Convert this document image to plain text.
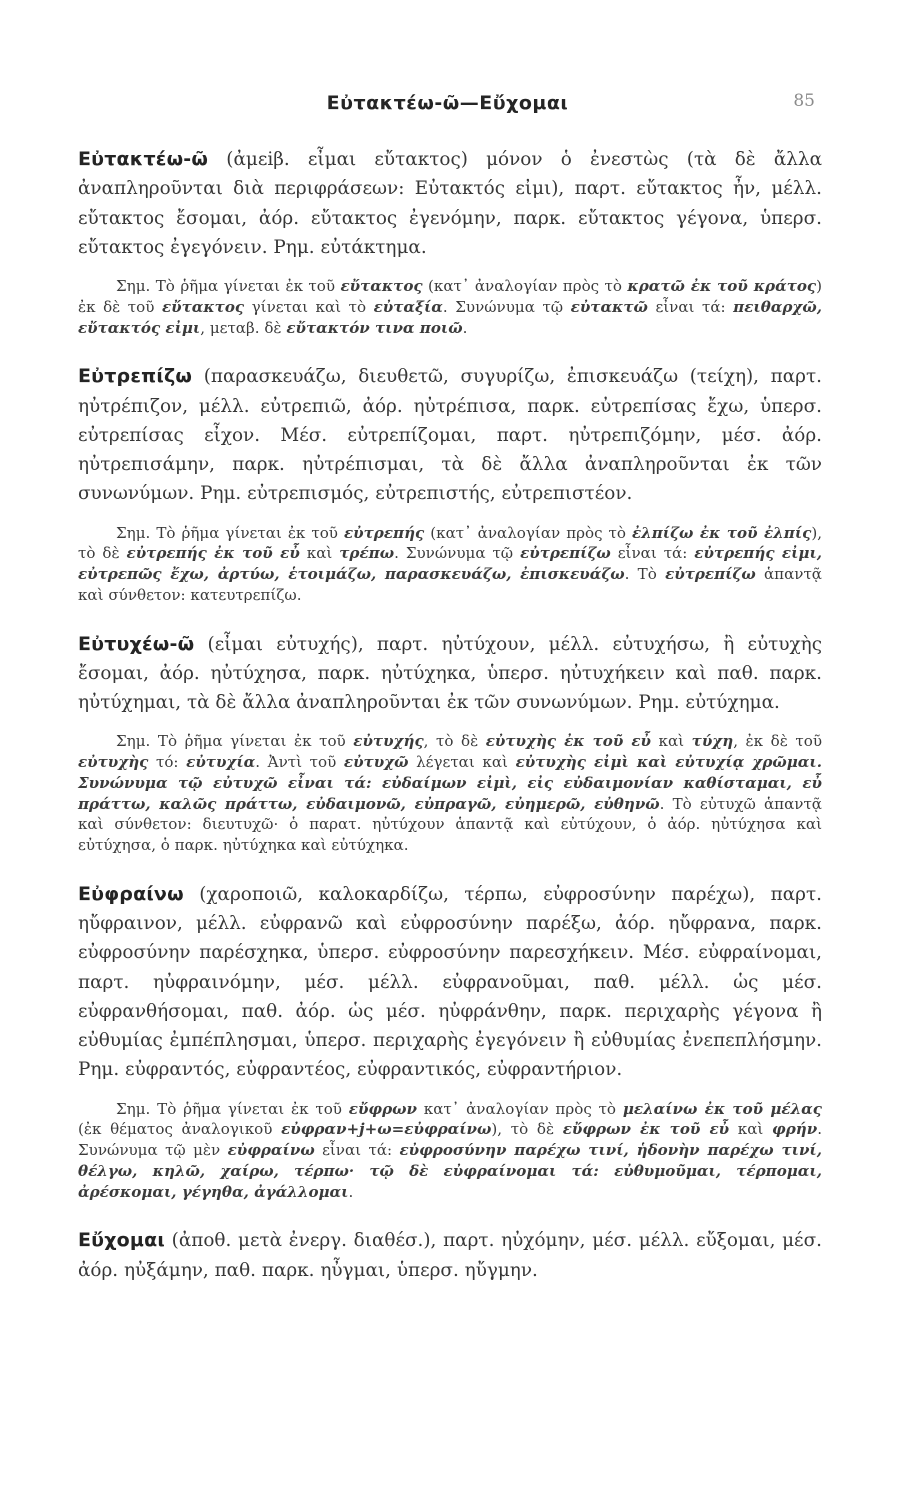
Εὐτακτέω-ῶ—Εὔχομαι	85

Εὐτακτέω-ῶ (ἀμεiβ. εἶμαι εὔτακτος) μόνον ὁ ἐνεστὼς (τὰ δὲ ἄλλα ἀναπληροῦνται διὰ περιφράσεων: Εὐτακτός εἰμι), παρτ. εὔτακτος ἦν, μέλλ. εὔτακτος ἔσομαι, ἀόρ. εὔτακτος ἐγενόμην, παρκ. εὔτακτος γέγονα, ὑπερσ. εὔτακτος ἐγεγόνειν. Ρημ. εὐτάκτημα.

Σημ. Τὸ ῥῆμα γίνεται ἐκ τοῦ εὔτακτος (κατ᾿ ἀναλογίαν πρὸς τὸ κρατῶ ἐκ τοῦ κράτος) ἐκ δὲ τοῦ εὔτακτος γίνεται καὶ τὸ εὐταξία. Συνώνυμα τῷ εὐτακτῶ εἶναι τά: πειθαρχῶ, εὔτακτός εἰμι, μεταβ. δὲ εὔτακτόν τινα ποιῶ.

Εὐτρεπίζω (παρασκευάζω, διευθετῶ, συγυρίζω, ἐπισκευάζω (τείχη), παρτ. ηὐτρέπιζον, μέλλ. εὐτρεπιῶ, ἀόρ. ηὐτρέπισα, παρκ. εὐτρεπίσας ἔχω, ὑπερσ. εὐτρεπίσας εἶχον. Μέσ. εὐτρεπίζομαι, παρτ. ηὐτρεπιζόμην, μέσ. ἀόρ. ηὐτρεπισάμην, παρκ. ηὐτρέπισμαι, τὰ δὲ ἄλλα ἀναπληροῦνται ἐκ τῶν συνωνύμων. Ρημ. εὐτρεπισμός, εὐτρεπιστής, εὐτρεπιστέον.

Σημ. Τὸ ῥῆμα γίνεται ἐκ τοῦ εὐτρεπής (κατ᾿ ἀναλογίαν πρὸς τὸ ἐλπίζω ἐκ τοῦ ἐλπίς), τὸ δὲ εὐτρεπής ἐκ τοῦ εὖ καὶ τρέπω. Συνώνυμα τῷ εὐτρεπίζω εἶναι τά: εὐτρεπής εἰμι, εὐτρεπῶς ἔχω, ἀρτύω, ἑτοιμάζω, παρασκευάζω, ἐπισκευάζω. Τὸ εὐτρεπίζω ἁπαντᾷ καὶ σύνθετον: κατευτρεπίζω.

Εὐτυχέω-ῶ (εἶμαι εὐτυχής), παρτ. ηὐτύχουν, μέλλ. εὐτυχήσω, ἢ εὐτυχὴς ἔσομαι, ἀόρ. ηὐτύχησα, παρκ. ηὐτύχηκα, ὑπερσ. ηὐτυχήκειν καὶ παθ. παρκ. ηὐτύχημαι, τὰ δὲ ἄλλα ἀναπληροῦνται ἐκ τῶν συνωνύμων. Ρημ. εὐτύχημα.

Σημ. Τὸ ῥῆμα γίνεται ἐκ τοῦ εὐτυχής, τὸ δὲ εὐτυχὴς ἐκ τοῦ εὖ καὶ τύχη, ἐκ δὲ τοῦ εὐτυχὴς τό: εὐτυχία. Ἀντὶ τοῦ εὐτυχῶ λέγεται καὶ εὐτυχὴς εἰμὶ καὶ εὐτυχίᾳ χρῶμαι. Συνώνυμα τῷ εὐτυχῶ εἶναι τά: εὐδαίμων εἰμὶ, εἰς εὐδαιμονίαν καθίσταμαι, εὖ πράττω, καλῶς πράττω, εὐδαιμονῶ, εὐπραγῶ, εὐημερῶ, εὐθηνῶ. Τὸ εὐτυχῶ ἁπαντᾷ καὶ σύνθετον: διευτυχῶ· ὁ παρατ. ηὐτύχουν ἁπαντᾷ καὶ εὐτύχουν, ὁ ἀόρ. ηὐτύχησα καὶ εὐτύχησα, ὁ παρκ. ηὐτύχηκα καὶ εὐτύχηκα.

Εὐφραίνω (χαροποιῶ, καλοκαρδίζω, τέρπω, εὐφροσύνην παρέχω), παρτ. ηὔφραινον, μέλλ. εὐφρανῶ καὶ εὐφροσύνην παρέξω, ἀόρ. ηὔφρανα, παρκ. εὐφροσύνην παρέσχηκα, ὑπερσ. εὐφροσύνην παρεσχήκειν. Μέσ. εὐφραίνομαι, παρτ. ηὐφραινόμην, μέσ. μέλλ. εὐφρανοῦμαι, παθ. μέλλ. ὡς μέσ. εὐφρανθήσομαι, παθ. ἀόρ. ὡς μέσ. ηὐφράνθην, παρκ. περιχαρὴς γέγονα ἢ εὐθυμίας ἐμπέπλησμαι, ὑπερσ. περιχαρὴς ἐγεγόνειν ἢ εὐθυμίας ἐνεπεπλήσμην. Ρημ. εὐφραντός, εὐφραντέος, εὐφραντικός, εὐφραντήριον.

Σημ. Τὸ ῥῆμα γίνεται ἐκ τοῦ εὔφρων κατ᾿ ἀναλογίαν πρὸς τὸ μελαίνω ἐκ τοῦ μέλας (ἐκ θέματος ἀναλογικοῦ εὐφραν+j+ω=εὐφραίνω), τὸ δὲ εὔφρων ἐκ τοῦ εὖ καὶ φρήν. Συνώνυμα τῷ μὲν εὐφραίνω εἶναι τά: εὐφροσύνην παρέχω τινί, ἡδονὴν παρέχω τινί, θέλγω, κηλῶ, χαίρω, τέρπω· τῷ δὲ εὐφραίνομαι τά: εὐθυμοῦμαι, τέρπομαι, ἀρέσκομαι, γέγηθα, ἀγάλλομαι.

Εὔχομαι (ἀποθ. μετὰ ἐνεργ. διαθέσ.), παρτ. ηὐχόμην, μέσ. μέλλ. εὔξομαι, μέσ. ἀόρ. ηὐξάμην, παθ. παρκ. ηὖγμαι, ὑπερσ. ηὔγμην.
